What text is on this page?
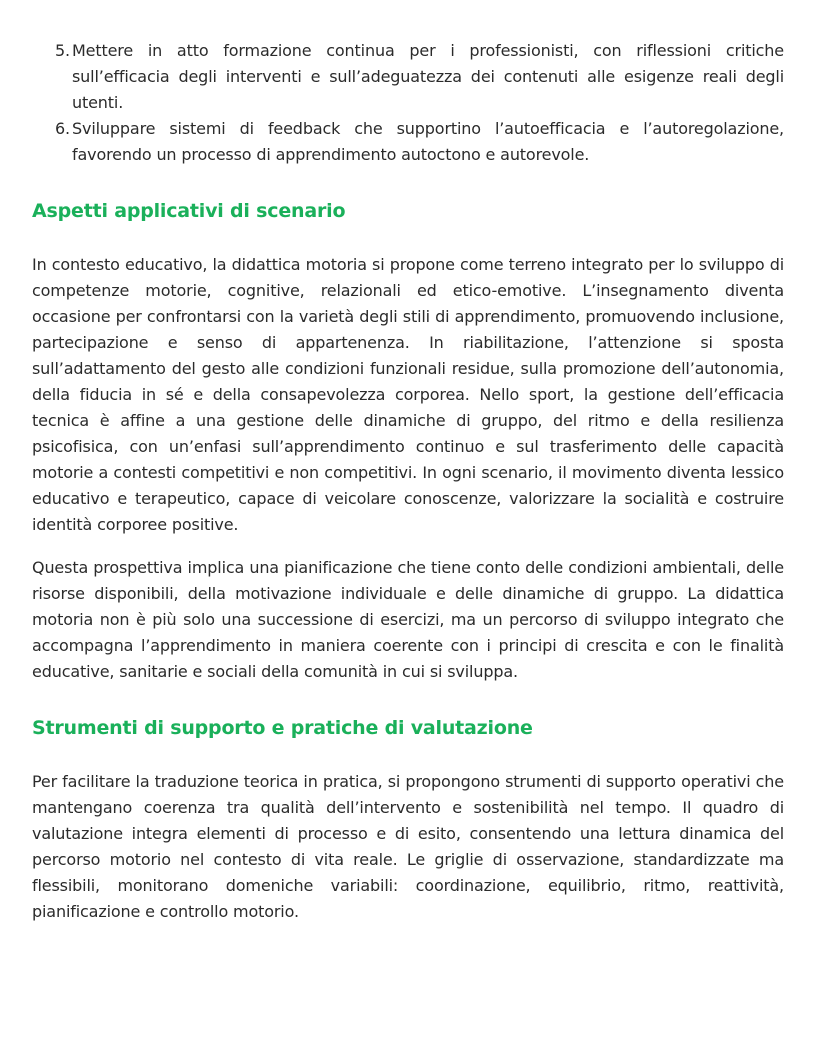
5. Mettere in atto formazione continua per i professionisti, con riflessioni critiche sull’efficacia degli interventi e sull’adeguatezza dei contenuti alle esigenze reali degli utenti.
6. Sviluppare sistemi di feedback che supportino l’autoefficacia e l’autoregolazione, favorendo un processo di apprendimento autoctono e autorevole.
Aspetti applicativi di scenario

In contesto educativo, la didattica motoria si propone come terreno integrato per lo sviluppo di competenze motorie, cognitive, relazionali ed etico-emotive. L’insegnamento diventa occasione per confrontarsi con la varietà degli stili di apprendimento, promuovendo inclusione, partecipazione e senso di appartenenza. In riabilitazione, l’attenzione si sposta sull’adattamento del gesto alle condizioni funzionali residue, sulla promozione dell’autonomia, della fiducia in sé e della consapevolezza corporea. Nello sport, la gestione dell’efficacia tecnica è affine a una gestione delle dinamiche di gruppo, del ritmo e della resilienza psicofisica, con un’enfasi sull’apprendimento continuo e sul trasferimento delle capacità motorie a contesti competitivi e non competitivi. In ogni scenario, il movimento diventa lessico educativo e terapeutico, capace di veicolare conoscenze, valorizzare la socialità e costruire identità corporee positive.

Questa prospettiva implica una pianificazione che tiene conto delle condizioni ambientali, delle risorse disponibili, della motivazione individuale e delle dinamiche di gruppo. La didattica motoria non è più solo una successione di esercizi, ma un percorso di sviluppo integrato che accompagna l’apprendimento in maniera coerente con i principi di crescita e con le finalità educative, sanitarie e sociali della comunità in cui si sviluppa.

Strumenti di supporto e pratiche di valutazione

Per facilitare la traduzione teorica in pratica, si propongono strumenti di supporto operativi che mantengano coerenza tra qualità dell’intervento e sostenibilità nel tempo. Il quadro di valutazione integra elementi di processo e di esito, consentendo una lettura dinamica del percorso motorio nel contesto di vita reale. Le griglie di osservazione, standardizzate ma flessibili, monitorano domeniche variabili: coordinazione, equilibrio, ritmo, reattività, pianificazione e controllo motorio.
